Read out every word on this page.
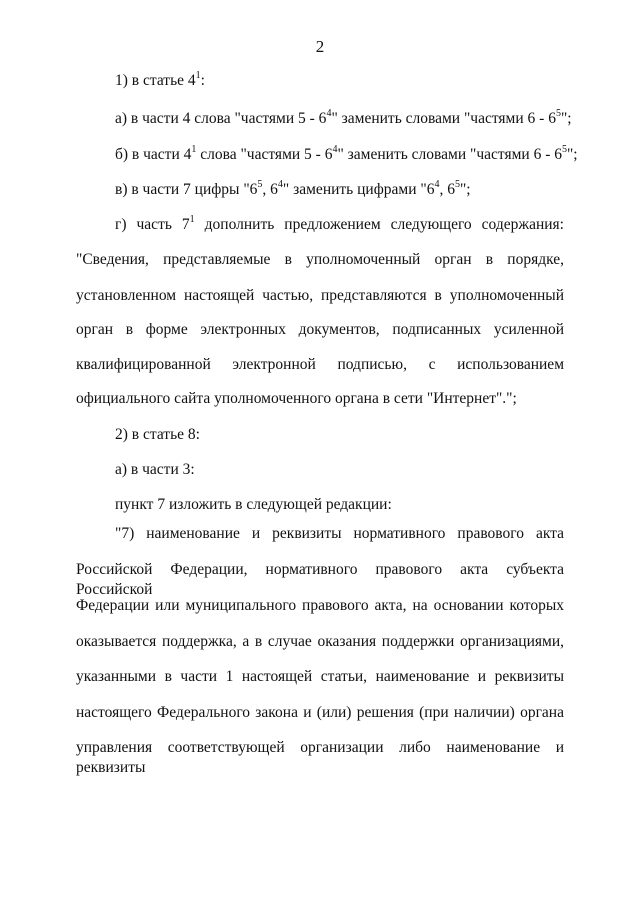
2
1) в статье $4^1$:
а) в части 4 слова "частями $5 - 6^4$" заменить словами "частями $6 - 6^5$";
б) в части $4^1$ слова "частями $5 - 6^4$" заменить словами "частями $6 - 6^5$";
в) в части 7 цифры "$6^5$, $6^4$" заменить цифрами "$6^4$, $6^5$";
г) часть $7^1$ дополнить предложением следующего содержания:
"Сведения, представляемые в уполномоченный орган в порядке,
установленном настоящей частью, представляются в уполномоченный
орган в форме электронных документов, подписанных усиленной
квалифицированной электронной подписью, с использованием
официального сайта уполномоченного органа в сети "Интернет".";
2) в статье 8:
а) в части 3:
пункт 7 изложить в следующей редакции:
"7) наименование и реквизиты нормативного правового акта
Российской Федерации, нормативного правового акта субъекта Российской
Федерации или муниципального правового акта, на основании которых
оказывается поддержка, а в случае оказания поддержки организациями,
указанными в части 1 настоящей статьи, наименование и реквизиты
настоящего Федерального закона и (или) решения (при наличии) органа
управления соответствующей организации либо наименование и реквизиты
